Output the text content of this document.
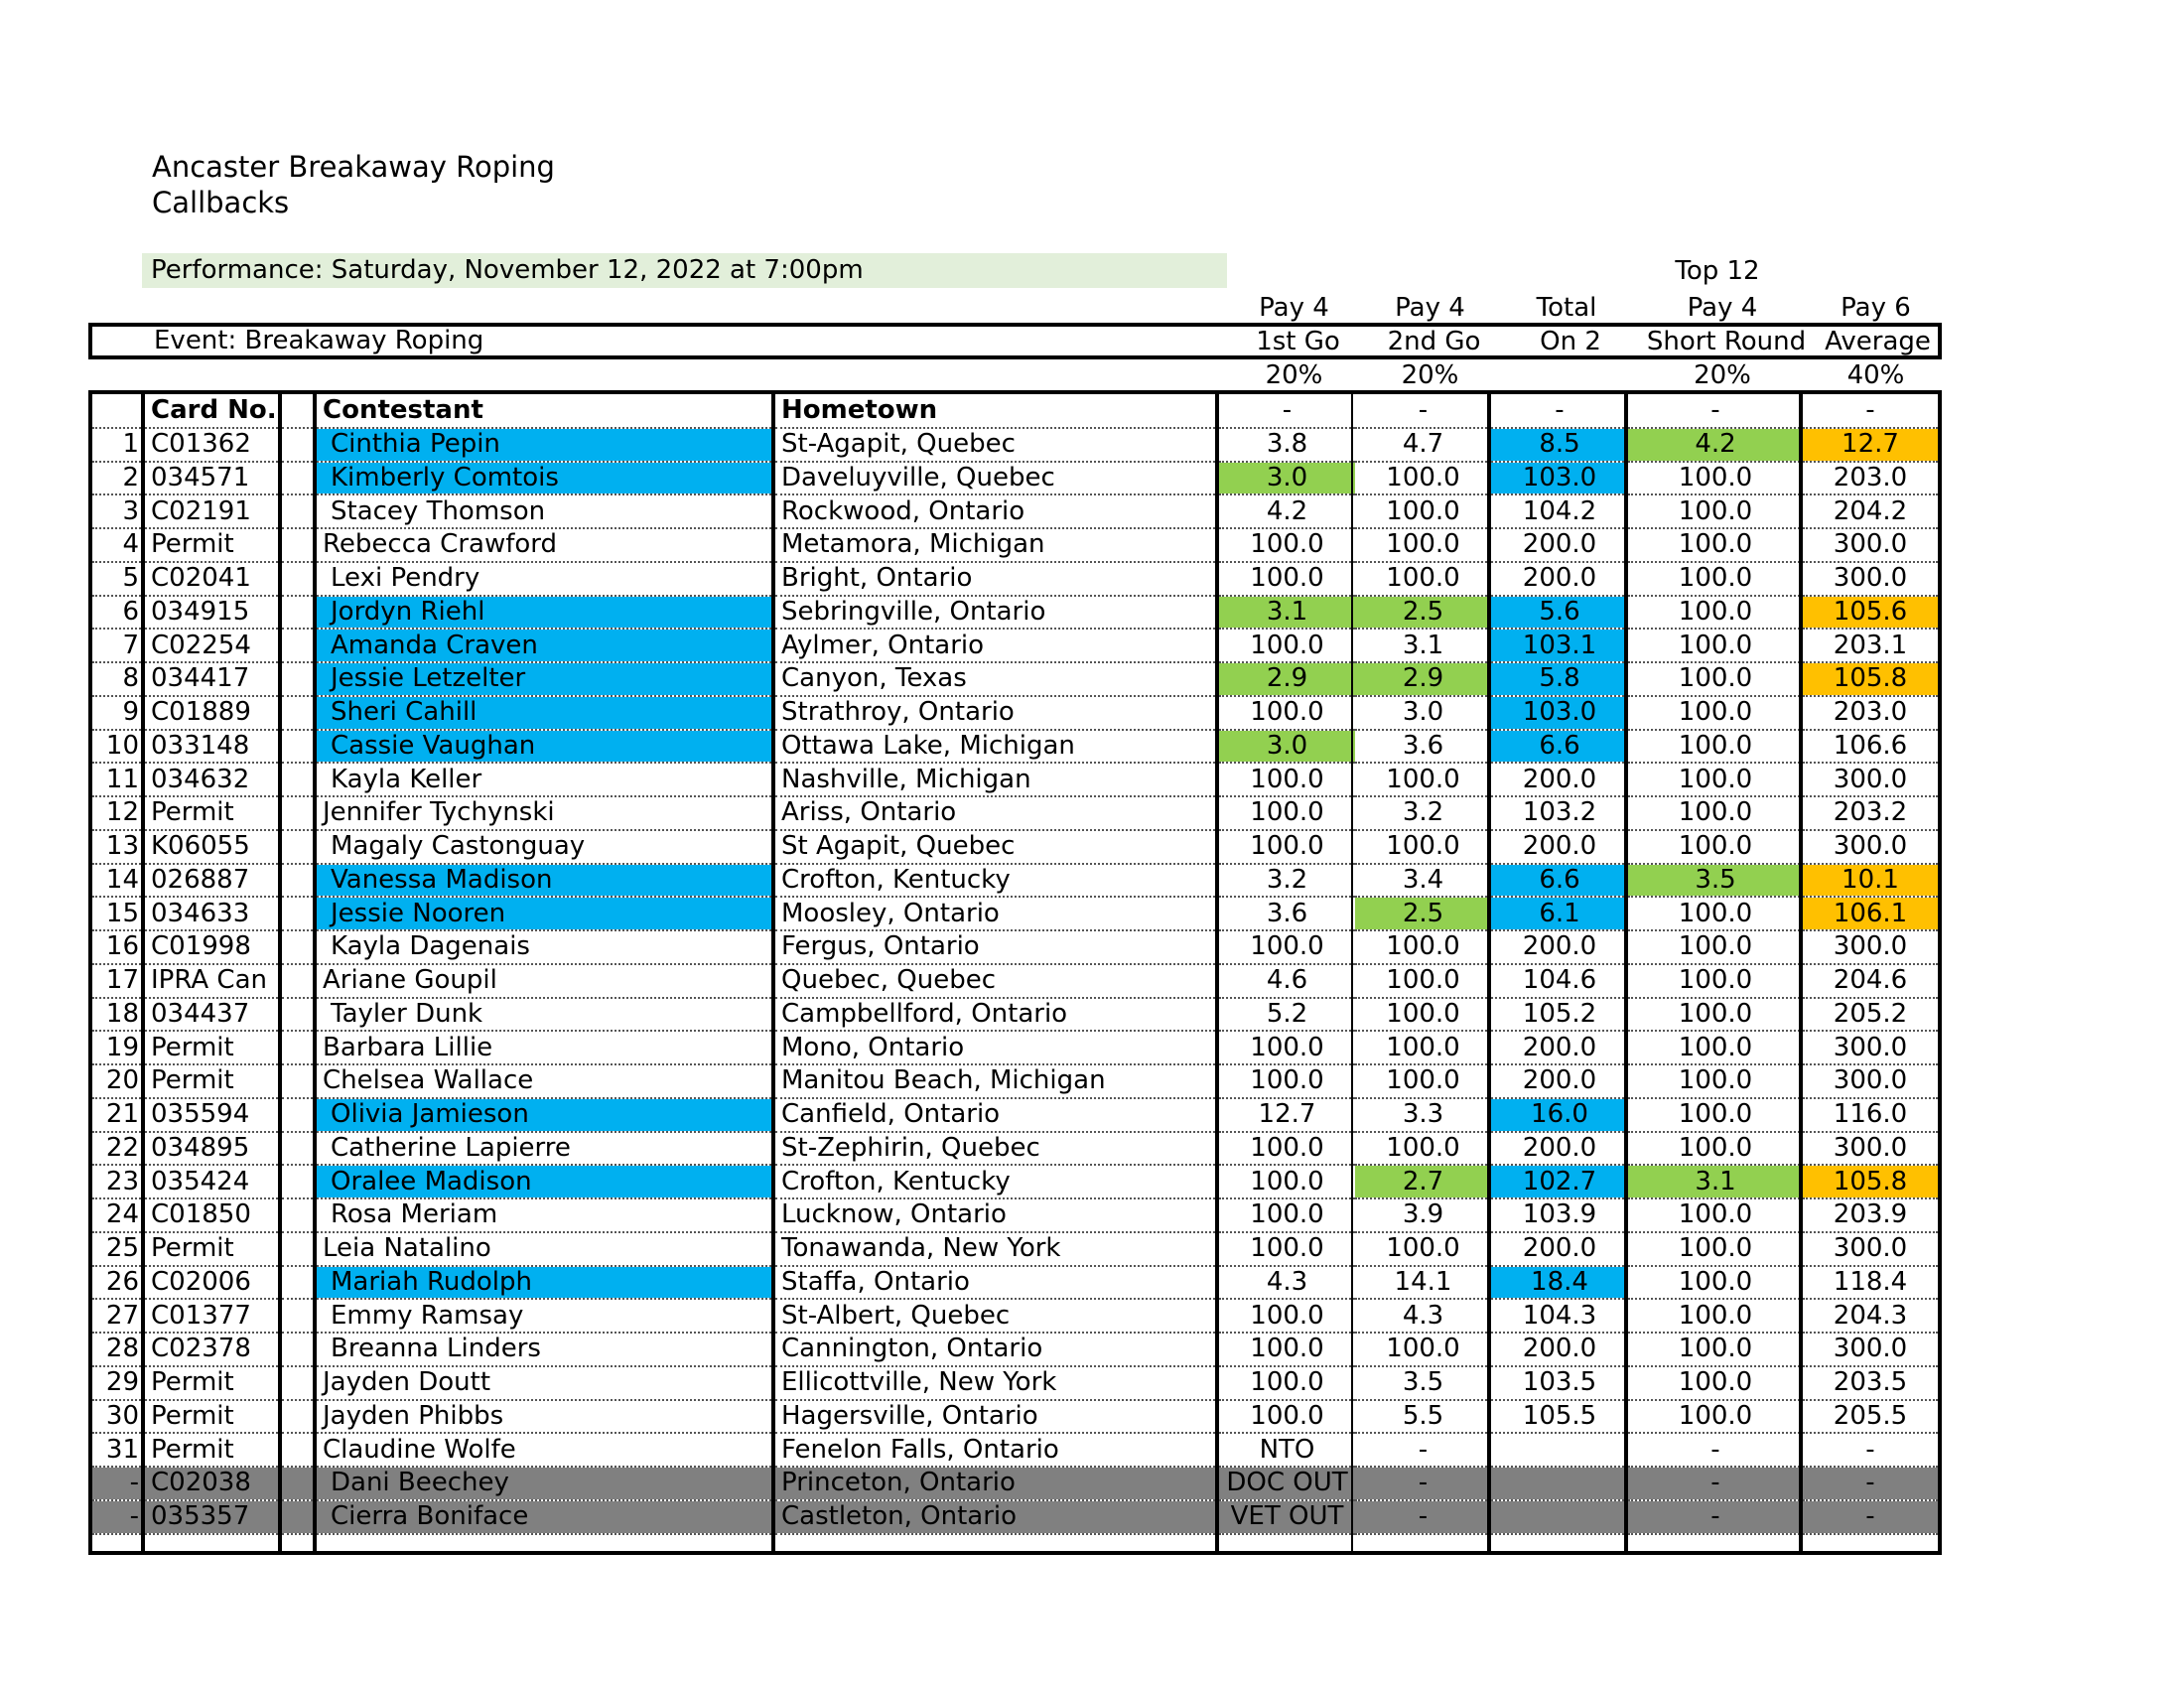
Ancaster Breakaway Roping
Callbacks
Performance: Saturday, November 12, 2022 at 7:00pm	Top 12
Pay 4	Pay 4	Total	Pay 4	Pay 6
Event: Breakaway Roping	1st Go	2nd Go	On 2	Short Round Average
20%	20%	20%	40%
	Card No.		Contestant	Hometown	-	-	-	-	-
1	C01362		Cinthia Pepin	St-Agapit, Quebec	3.8	4.7	8.5	4.2	12.7
2	034571		Kimberly Comtois	Daveluyville, Quebec	3.0	100.0	103.0	100.0	203.0
3	C02191		Stacey Thomson	Rockwood, Ontario	4.2	100.0	104.2	100.0	204.2
4	Permit		Rebecca Crawford	Metamora, Michigan	100.0	100.0	200.0	100.0	300.0
5	C02041		Lexi Pendry	Bright, Ontario	100.0	100.0	200.0	100.0	300.0
6	034915		Jordyn Riehl	Sebringville, Ontario	3.1	2.5	5.6	100.0	105.6
7	C02254		Amanda Craven	Aylmer, Ontario	100.0	3.1	103.1	100.0	203.1
8	034417		Jessie Letzelter	Canyon, Texas	2.9	2.9	5.8	100.0	105.8
9	C01889		Sheri Cahill	Strathroy, Ontario	100.0	3.0	103.0	100.0	203.0
10	033148		Cassie Vaughan	Ottawa Lake, Michigan	3.0	3.6	6.6	100.0	106.6
11	034632		Kayla Keller	Nashville, Michigan	100.0	100.0	200.0	100.0	300.0
12	Permit		Jennifer Tychynski	Ariss, Ontario	100.0	3.2	103.2	100.0	203.2
13	K06055		Magaly Castonguay	St Agapit, Quebec	100.0	100.0	200.0	100.0	300.0
14	026887		Vanessa Madison	Crofton, Kentucky	3.2	3.4	6.6	3.5	10.1
15	034633		Jessie Nooren	Moosley, Ontario	3.6	2.5	6.1	100.0	106.1
16	C01998		Kayla Dagenais	Fergus, Ontario	100.0	100.0	200.0	100.0	300.0
17	IPRA Can		Ariane Goupil	Quebec, Quebec	4.6	100.0	104.6	100.0	204.6
18	034437		Tayler Dunk	Campbellford, Ontario	5.2	100.0	105.2	100.0	205.2
19	Permit		Barbara Lillie	Mono, Ontario	100.0	100.0	200.0	100.0	300.0
20	Permit		Chelsea Wallace	Manitou Beach, Michigan	100.0	100.0	200.0	100.0	300.0
21	035594		Olivia Jamieson	Canfield, Ontario	12.7	3.3	16.0	100.0	116.0
22	034895		Catherine Lapierre	St-Zephirin, Quebec	100.0	100.0	200.0	100.0	300.0
23	035424		Oralee Madison	Crofton, Kentucky	100.0	2.7	102.7	3.1	105.8
24	C01850		Rosa Meriam	Lucknow, Ontario	100.0	3.9	103.9	100.0	203.9
25	Permit		Leia Natalino	Tonawanda, New York	100.0	100.0	200.0	100.0	300.0
26	C02006		Mariah Rudolph	Staffa, Ontario	4.3	14.1	18.4	100.0	118.4
27	C01377		Emmy Ramsay	St-Albert, Quebec	100.0	4.3	104.3	100.0	204.3
28	C02378		Breanna Linders	Cannington, Ontario	100.0	100.0	200.0	100.0	300.0
29	Permit		Jayden Doutt	Ellicottville, New York	100.0	3.5	103.5	100.0	203.5
30	Permit		Jayden Phibbs	Hagersville, Ontario	100.0	5.5	105.5	100.0	205.5
31	Permit		Claudine Wolfe	Fenelon Falls, Ontario	NTO	-		-	-
-	C02038		Dani Beechey	Princeton, Ontario	DOC OUT	-		-	-
-	035357		Cierra Boniface	Castleton, Ontario	VET OUT	-		-	-
